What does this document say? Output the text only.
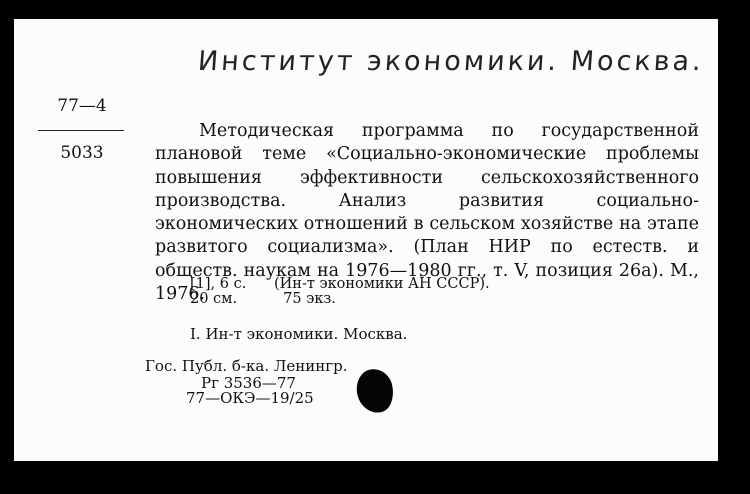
Институт экономики. Москва.
77—4
5033
Методическая программа по государственной плановой теме «Социально-экономические проблемы повышения эффективности сельскохозяйственного производства. Анализ развития социально-экономических отношений в сельском хозяйстве на этапе развитого социализма». (План НИР по естеств. и обществ. наукам на 1976—1980 гг., т. V, позиция 26а). М., 1976.
[1], 6 с.      (Ин-т экономики АН СССР).
20 см.          75 экз.
I. Ин-т экономики. Москва.
Гос. Публ. б-ка. Ленингр.
Рг 3536—77
77—ОКЭ—19/25
